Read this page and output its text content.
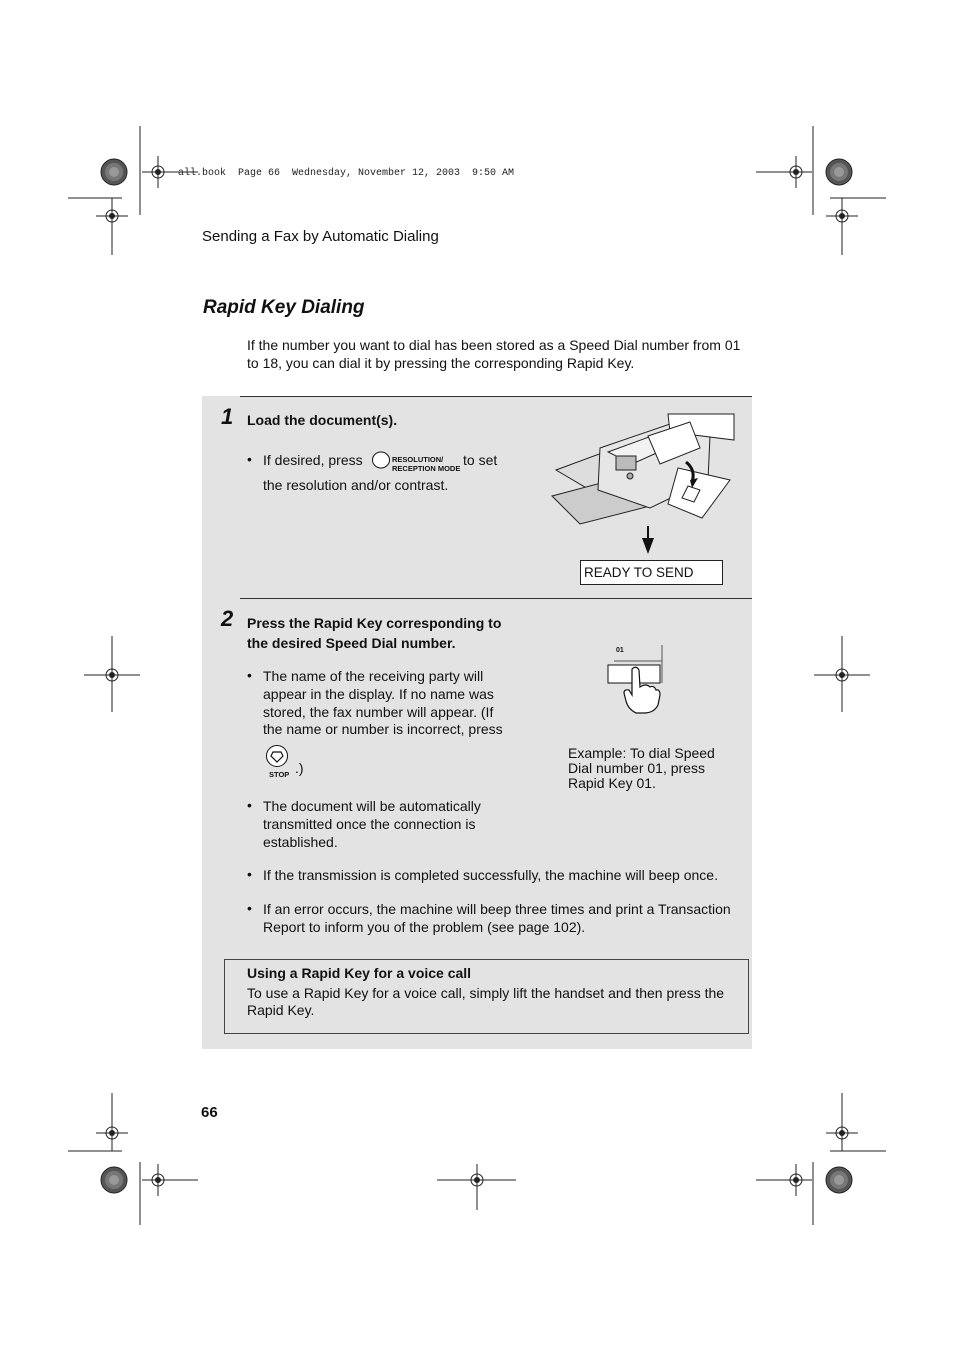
all.book  Page 66  Wednesday, November 12, 2003  9:50 AM
Sending a Fax by Automatic Dialing
Rapid Key Dialing
If the number you want to dial has been stored as a Speed Dial number from 01 to 18, you can dial it by pressing the corresponding Rapid Key.
1 Load the document(s).
• If desired, press	RESOLUTION/
RECEPTION MODE
to set
the resolution and/or contrast.
READY TO SEND
2 Press the Rapid Key corresponding to
the desired Speed Dial number.
• The name of the receiving party will
appear in the display. If no name was
stored, the fax number will appear. (If
the name or number is incorrect, press
STOP .)
• The document will be automatically
transmitted once the connection is
established.
01
Example: To dial Speed
Dial number 01, press
Rapid Key 01.
• If the transmission is completed successfully, the machine will beep once.
• If an error occurs, the machine will beep three times and print a Transaction
Report to inform you of the problem (see page 102).
Using a Rapid Key for a voice call
To use a Rapid Key for a voice call, simply lift the handset and then press the
Rapid Key.
66
